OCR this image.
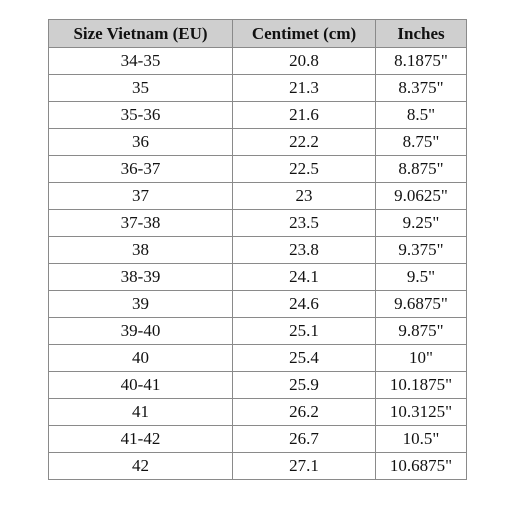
Size Vietnam (EU)	Centimet (cm)	Inches
34-35	20.8	8.1875"
35	21.3	8.375"
35-36	21.6	8.5"
36	22.2	8.75"
36-37	22.5	8.875"
37	23	9.0625"
37-38	23.5	9.25"
38	23.8	9.375"
38-39	24.1	9.5"
39	24.6	9.6875"
39-40	25.1	9.875"
40	25.4	10"
40-41	25.9	10.1875"
41	26.2	10.3125"
41-42	26.7	10.5"
42	27.1	10.6875"
